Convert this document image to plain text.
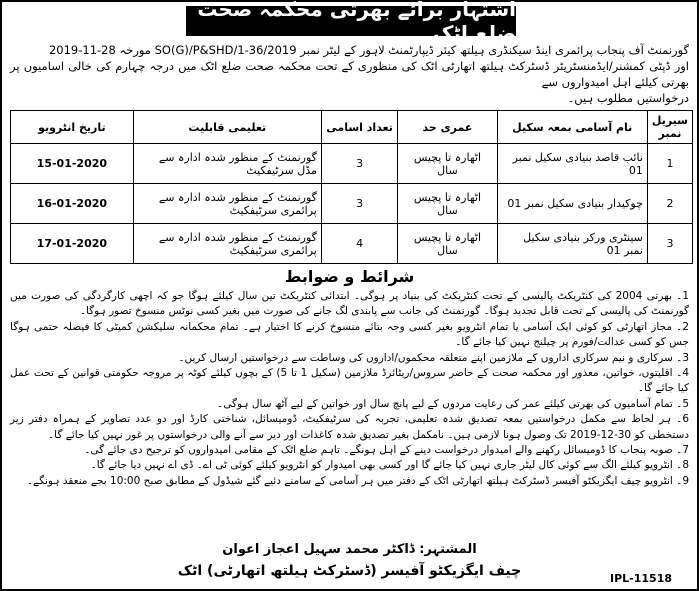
اشتہار برائے بھرتی محکمہ صحت ضلع اٹک

گورنمنٹ آف پنجاب پرائمری اینڈ سیکنڈری ہیلتھ کیئر ڈیپارٹمنٹ لاہور کے لیٹر نمبر SO(G)/P&SHD/1-36/2019 مورخہ 28-11-2019

اور ڈپٹی کمشنر/ایڈمنسٹریٹر ڈسٹرکٹ ہیلتھ اتھارٹی اٹک کی منظوری کے تحت محکمہ صحت ضلع اٹک میں درجہ چہارم کی خالی اسامیوں پر بھرتی کیلئے اہل امیدواروں سے

درخواستیں مطلوب ہیں۔

سیریل نمبر	نام آسامی بمعہ سکیل	عمری حد	تعداد اسامی	تعلیمی قابلیت	تاریخ انٹرویو
1	نائب قاصد بنیادی سکیل نمبر 01	اٹھارہ تا پچیس سال	3	گورنمنٹ کے منظور شدہ ادارہ سے مڈل سرٹیفکیٹ	15-01-2020
2	چوکیدار بنیادی سکیل نمبر 01	اٹھارہ تا پچیس سال	3	گورنمنٹ کے منظور شدہ ادارہ سے پرائمری سرٹیفکیٹ	16-01-2020
3	سینٹری ورکر بنیادی سکیل نمبر 01	اٹھارہ تا پچیس سال	4	گورنمنٹ کے منظور شدہ ادارہ سے پرائمری سرٹیفکیٹ	17-01-2020
شرائط و ضوابط

1۔ بھرتی 2004 کی کنٹریکٹ پالیسی کے تحت کنٹریکٹ کی بنیاد پر ہوگی۔ ابتدائی کنٹریکٹ تین سال کیلئے ہوگا جو کہ اچھی کارگردگی کی صورت میں گورنمنٹ کی پالیسی کے تحت قابل تجدید ہوگا۔ گورنمنٹ کی جانب سے پابندی لگ جانے کی صورت میں بغیر کسی نوٹس منسوخ تصور ہوگا۔

2۔ مجاز اتھارٹی کو کوئی ایک آسامی یا تمام انٹرویو بغیر کسی وجہ بتائے منسوخ کرنے کا اختیار ہے۔ تمام محکمانہ سلیکشن کمیٹی کا فیصلہ حتمی ہوگا جس کو کسی عدالت/فورم پر چیلنج نہیں کیا جائے گا۔

3۔ سرکاری و نیم سرکاری اداروں کے ملازمین اپنے متعلقہ محکموں/اداروں کی وساطت سے درخواستیں ارسال کریں۔

4۔ اقلیتوں، خواتین، معذور اور محکمہ صحت کے حاضر سروس/ریٹائرڈ ملازمین (سکیل 1 تا 5) کے بچوں کیلئے کوٹہ پر مروجہ حکومتی قوانین کے تحت عمل کیا جائے گا۔

5۔ تمام آسامیوں کی بھرتی کیلئے عمر کی رعایت مردوں کے لیے پانچ سال اور خواتین کے لیے آٹھ سال ہوگی۔

6۔ ہر لحاظ سے مکمل درخواستیں بمعہ تصدیق شدہ تعلیمی، تجربہ کی سرٹیفکیٹ، ڈومیسائل، شناختی کارڈ اور دو عدد تصاویر کے ہمراہ دفتر زیر دستخطی کو 30-12-2019 تک وصول ہونا لازمی ہیں۔ نامکمل بغیر تصدیق شدہ کاغذات اور دیر سے آنے والی درخواستوں پر غور نہیں کیا جائے گا۔

7۔ صوبہ پنجاب کا ڈومیسائل رکھنے والے امیدوار درخواست دینے کے اہل ہونگے۔ تاہم ضلع اٹک کے مقامی امیدواروں کو ترجیح دی جائے گی۔

8۔ انٹرویو کیلئے الگ سے کوئی کال لیٹر جاری نہیں کیا جائے گا اور کسی بھی امیدوار کو انٹرویو کیلئے کوئی ٹی اے۔ ڈی اے نہیں دیا جائے گا۔

9۔ انٹرویو چیف ایگزیکٹو آفیسر ڈسٹرکٹ ہیلتھ اتھارٹی اٹک کے دفتر میں ہر آسامی کے سامنے دئیے گئے شیڈول کے مطابق صبح 10:00 بجے منعقد ہونگے۔

المشتہر: ڈاکٹر محمد سہیل اعجاز اعوان
چیف ایگزیکٹو آفیسر (ڈسٹرکٹ ہیلتھ اتھارٹی) اٹک	IPL-11518
